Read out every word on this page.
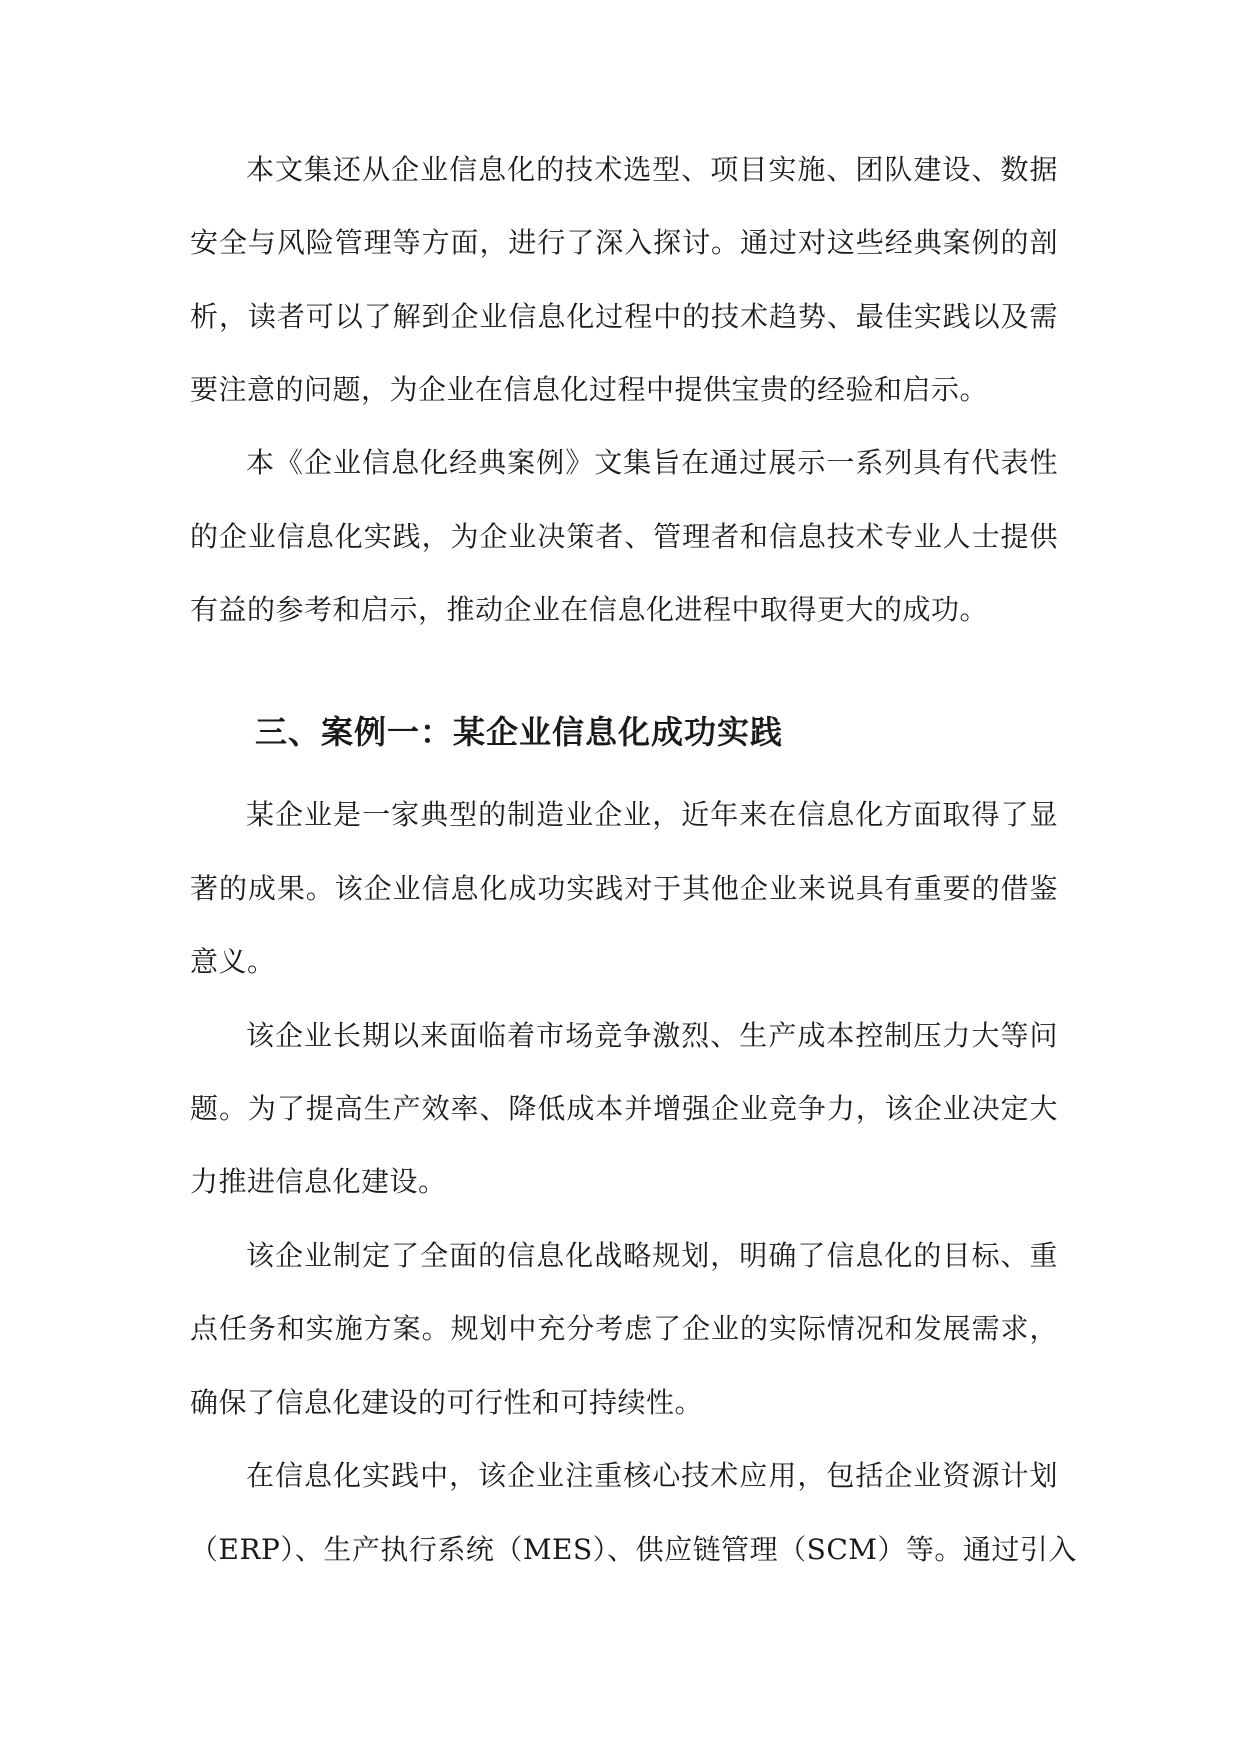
本文集还从企业信息化的技术选型、项目实施、团队建设、数据
安全与风险管理等方面，进行了深入探讨。通过对这些经典案例的剖
析，读者可以了解到企业信息化过程中的技术趋势、最佳实践以及需
要注意的问题，为企业在信息化过程中提供宝贵的经验和启示。
本《企业信息化经典案例》文集旨在通过展示一系列具有代表性
的企业信息化实践，为企业决策者、管理者和信息技术专业人士提供
有益的参考和启示，推动企业在信息化进程中取得更大的成功。
三、案例一：某企业信息化成功实践
某企业是一家典型的制造业企业，近年来在信息化方面取得了显
著的成果。该企业信息化成功实践对于其他企业来说具有重要的借鉴
意义。
该企业长期以来面临着市场竞争激烈、生产成本控制压力大等问
题。为了提高生产效率、降低成本并增强企业竞争力，该企业决定大
力推进信息化建设。
该企业制定了全面的信息化战略规划，明确了信息化的目标、重
点任务和实施方案。规划中充分考虑了企业的实际情况和发展需求，
确保了信息化建设的可行性和可持续性。
在信息化实践中，该企业注重核心技术应用，包括企业资源计划
（ERP）、生产执行系统（MES）、供应链管理（SCM）等。通过引入
